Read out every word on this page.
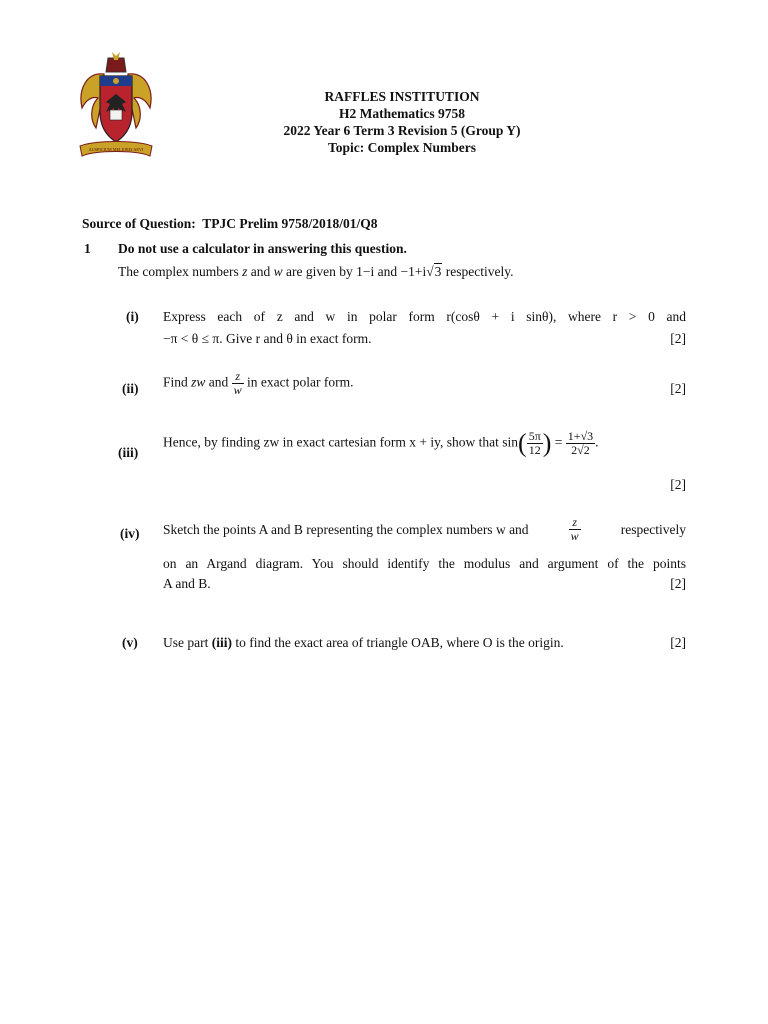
AUSPICIUM MELIORIS AEVI
RAFFLES INSTITUTION
H2 Mathematics 9758
2022 Year 6 Term 3 Revision 5 (Group Y)
Topic: Complex Numbers
Source of Question: TPJC Prelim 9758/2018/01/Q8
1 Do not use a calculator in answering this question.
The complex numbers z and w are given by 1−i and −1+i√3 respectively.
(i) Express each of z and w in polar form r(cosθ + i sinθ), where r > 0 and
−π < θ ≤ π. Give r and θ in exact form.	[2]
(ii) Find zw and $\frac{z}{w}$ in exact polar form.	[2]
(iii)
Hence, by finding zw in exact cartesian form x + iy, show that $\sin( \frac{5\pi}{12}$ ) = $\frac{1+√3}{2√2}$ .
[2]
(iv) Sketch the points A and B representing the complex numbers w and	$\frac{z}{w}$	respectively
on an Argand diagram. You should identify the modulus and argument of the points
A and B.	[2]
(v) Use part (iii) to find the exact area of triangle OAB, where O is the origin.	[2]
